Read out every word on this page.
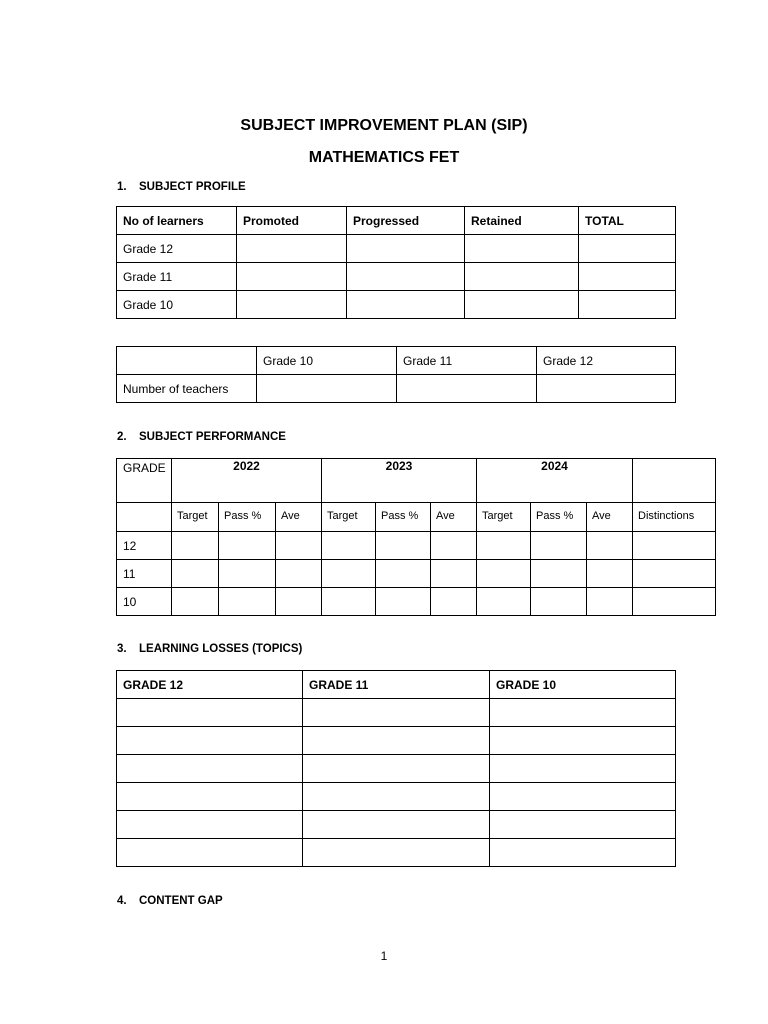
SUBJECT IMPROVEMENT PLAN (SIP)
MATHEMATICS FET
1. SUBJECT PROFILE
No of learners	Promoted	Progressed	Retained	TOTAL
Grade 12				
Grade 11				
Grade 10				
	Grade 10	Grade 11	Grade 12
Number of teachers			
2. SUBJECT PERFORMANCE
GRADE	2022			2023			2024			
	Target	Pass %	Ave	Target	Pass %	Ave	Target	Pass %	Ave	Distinctions
12										
11										
10										
3. LEARNING LOSSES (TOPICS)
GRADE 12	GRADE 11	GRADE 10

4. CONTENT GAP
1
